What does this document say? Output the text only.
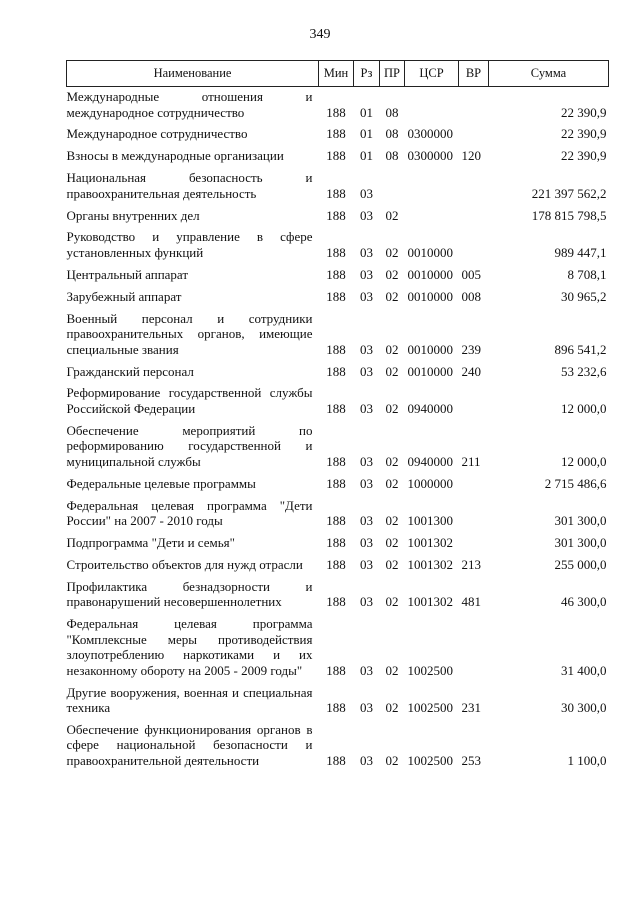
349
Наименование	Мин	Рз	ПР	ЦСР	ВР	Сумма
Международные отношения и международное сотрудничество	188	01	08			22 390,9
Международное сотрудничество	188	01	08	0300000		22 390,9
Взносы в международные организации	188	01	08	0300000	120	22 390,9
Национальная безопасность и правоохранительная деятельность	188	03				221 397 562,2
Органы внутренних дел	188	03	02			178 815 798,5
Руководство и управление в сфере установленных функций	188	03	02	0010000		989 447,1
Центральный аппарат	188	03	02	0010000	005	8 708,1
Зарубежный аппарат	188	03	02	0010000	008	30 965,2
Военный персонал и сотрудники правоохранительных органов, имеющие специальные звания	188	03	02	0010000	239	896 541,2
Гражданский персонал	188	03	02	0010000	240	53 232,6
Реформирование государственной службы Российской Федерации	188	03	02	0940000		12 000,0
Обеспечение мероприятий по реформированию государственной и муниципальной службы	188	03	02	0940000	211	12 000,0
Федеральные целевые программы	188	03	02	1000000		2 715 486,6
Федеральная целевая программа "Дети России" на 2007 - 2010 годы	188	03	02	1001300		301 300,0
Подпрограмма "Дети и семья"	188	03	02	1001302		301 300,0
Строительство объектов для нужд отрасли	188	03	02	1001302	213	255 000,0
Профилактика безнадзорности и правонарушений несовершеннолетних	188	03	02	1001302	481	46 300,0
Федеральная целевая программа "Комплексные меры противодействия злоупотреблению наркотиками и их незаконному обороту на 2005 - 2009 годы"	188	03	02	1002500		31 400,0
Другие вооружения, военная и специальная техника	188	03	02	1002500	231	30 300,0
Обеспечение функционирования органов в сфере национальной безопасности и правоохранительной деятельности	188	03	02	1002500	253	1 100,0
